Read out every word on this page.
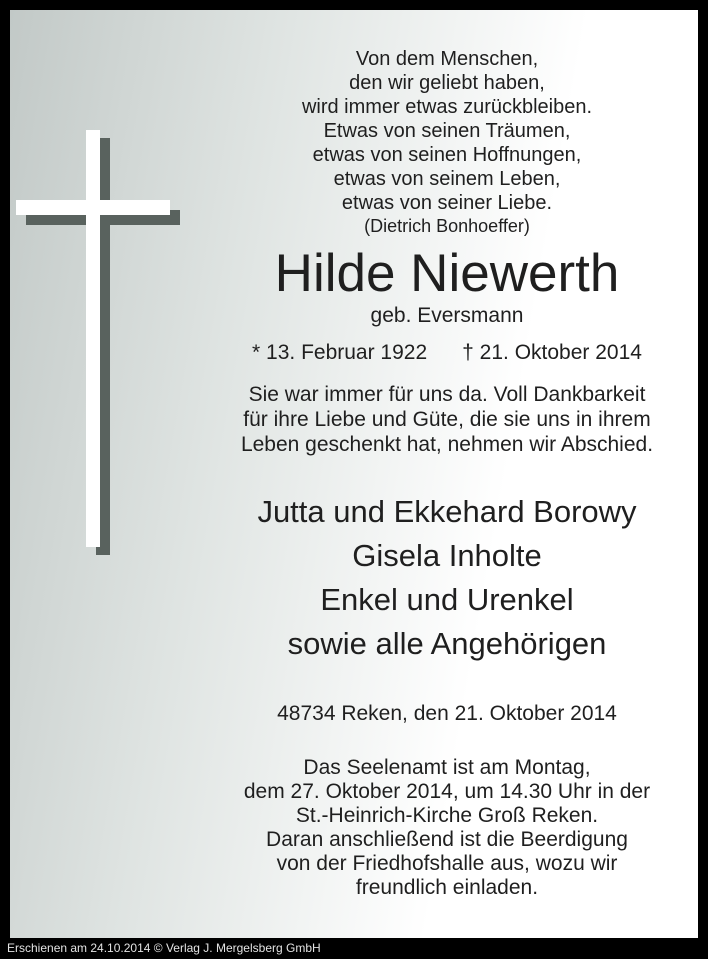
Von dem Menschen,
den wir geliebt haben,
wird immer etwas zurückbleiben.
Etwas von seinen Träumen,
etwas von seinen Hoffnungen,
etwas von seinem Leben,
etwas von seiner Liebe.
(Dietrich Bonhoeffer)
Hilde Niewerth
geb. Eversmann
* 13. Februar 1922 † 21. Oktober 2014
Sie war immer für uns da. Voll Dankbarkeit
für ihre Liebe und Güte, die sie uns in ihrem
Leben geschenkt hat, nehmen wir Abschied.
Jutta und Ekkehard Borowy
Gisela Inholte
Enkel und Urenkel
sowie alle Angehörigen
48734 Reken, den 21. Oktober 2014
Das Seelenamt ist am Montag,
dem 27. Oktober 2014, um 14.30 Uhr in der
St.-Heinrich-Kirche Groß Reken.
Daran anschließend ist die Beerdigung
von der Friedhofshalle aus, wozu wir
freundlich einladen.
Erschienen am 24.10.2014 © Verlag J. Mergelsberg GmbH
